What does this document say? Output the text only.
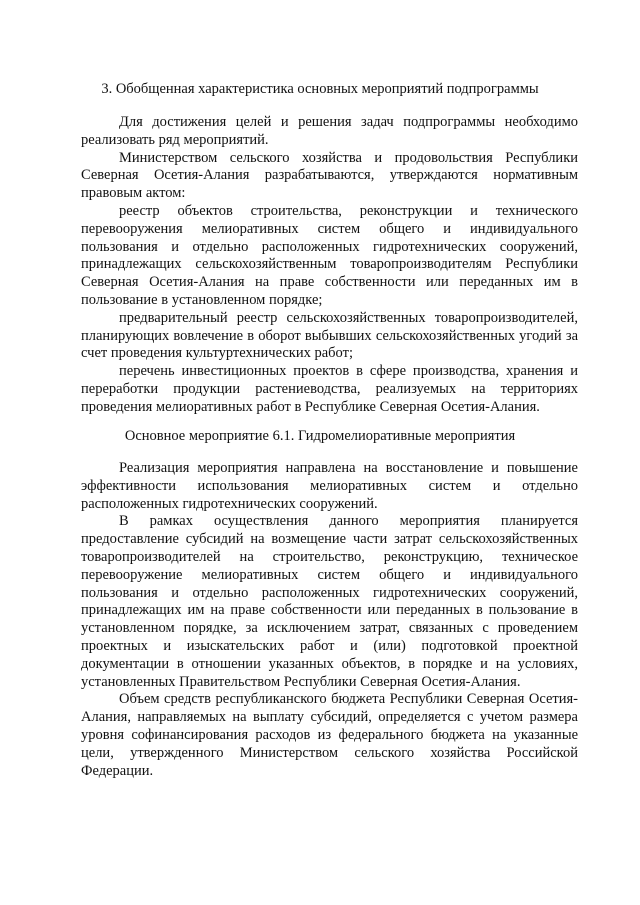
3. Обобщенная характеристика основных мероприятий подпрограммы

Для достижения целей и решения задач подпрограммы необходимо реализовать ряд мероприятий.

Министерством сельского хозяйства и продовольствия Республики Северная Осетия-Алания разрабатываются, утверждаются нормативным правовым актом:

реестр объектов строительства, реконструкции и технического перевооружения мелиоративных систем общего и индивидуального пользования и отдельно расположенных гидротехнических сооружений, принадлежащих сельскохозяйственным товаропроизводителям Республики Северная Осетия-Алания на праве собственности или переданных им в пользование в установленном порядке;

предварительный реестр сельскохозяйственных товаропроизводителей, планирующих вовлечение в оборот выбывших сельскохозяйственных угодий за счет проведения культуртехнических работ;

перечень инвестиционных проектов в сфере производства, хранения и переработки продукции растениеводства, реализуемых на территориях проведения мелиоративных работ в Республике Северная Осетия-Алания.

Основное мероприятие 6.1. Гидромелиоративные мероприятия

Реализация мероприятия направлена на восстановление и повышение эффективности использования мелиоративных систем и отдельно расположенных гидротехнических сооружений.

В рамках осуществления данного мероприятия планируется предоставление субсидий на возмещение части затрат сельскохозяйственных товаропроизводителей на строительство, реконструкцию, техническое перевооружение мелиоративных систем общего и индивидуального пользования и отдельно расположенных гидротехнических сооружений, принадлежащих им на праве собственности или переданных в пользование в установленном порядке, за исключением затрат, связанных с проведением проектных и изыскательских работ и (или) подготовкой проектной документации в отношении указанных объектов, в порядке и на условиях, установленных Правительством Республики Северная Осетия-Алания.

Объем средств республиканского бюджета Республики Северная Осетия-Алания, направляемых на выплату субсидий, определяется с учетом размера уровня софинансирования расходов из федерального бюджета на указанные цели, утвержденного Министерством сельского хозяйства Российской Федерации.
